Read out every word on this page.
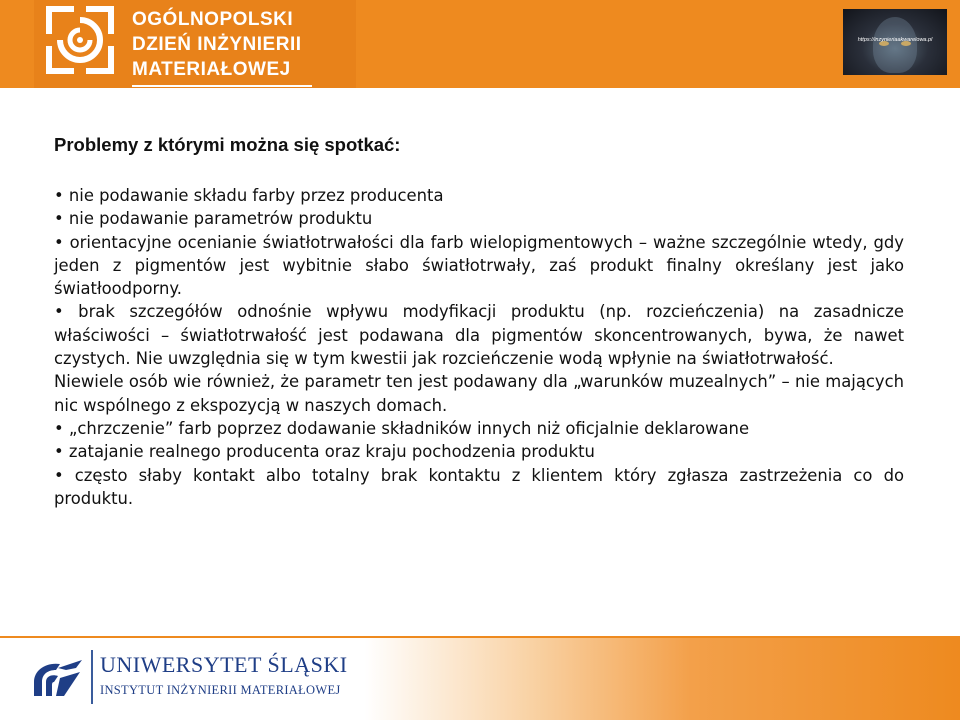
OGÓLNOPOLSKI
DZIEŃ INŻYNIERII
MATERIAŁOWEJ
https://inzynieriaakwarelowa.pl
Problemy z którymi można się spotkać:

• nie podawanie składu farby przez producenta

• nie podawanie parametrów produktu

• orientacyjne ocenianie światłotrwałości dla farb wielopigmentowych – ważne szczególnie wtedy, gdy jeden z pigmentów jest wybitnie słabo światłotrwały, zaś produkt finalny określany jest jako światłoodporny.

• brak szczegółów odnośnie wpływu modyfikacji produktu (np. rozcieńczenia) na zasadnicze właściwości – światłotrwałość jest podawana dla pigmentów skoncentrowanych, bywa, że nawet czystych. Nie uwzględnia się w tym kwestii jak rozcieńczenie wodą wpłynie na światłotrwałość.

Niewiele osób wie również, że parametr ten jest podawany dla „warunków muzealnych” – nie mających nic wspólnego z ekspozycją w naszych domach.

• „chrzczenie” farb poprzez dodawanie składników innych niż oficjalnie deklarowane

• zatajanie realnego producenta oraz kraju pochodzenia produktu

• często słaby kontakt albo totalny brak kontaktu z klientem który zgłasza zastrzeżenia co do produktu.

UNIWERSYTET ŚLĄSKI
INSTYTUT INŻYNIERII MATERIAŁOWEJ
